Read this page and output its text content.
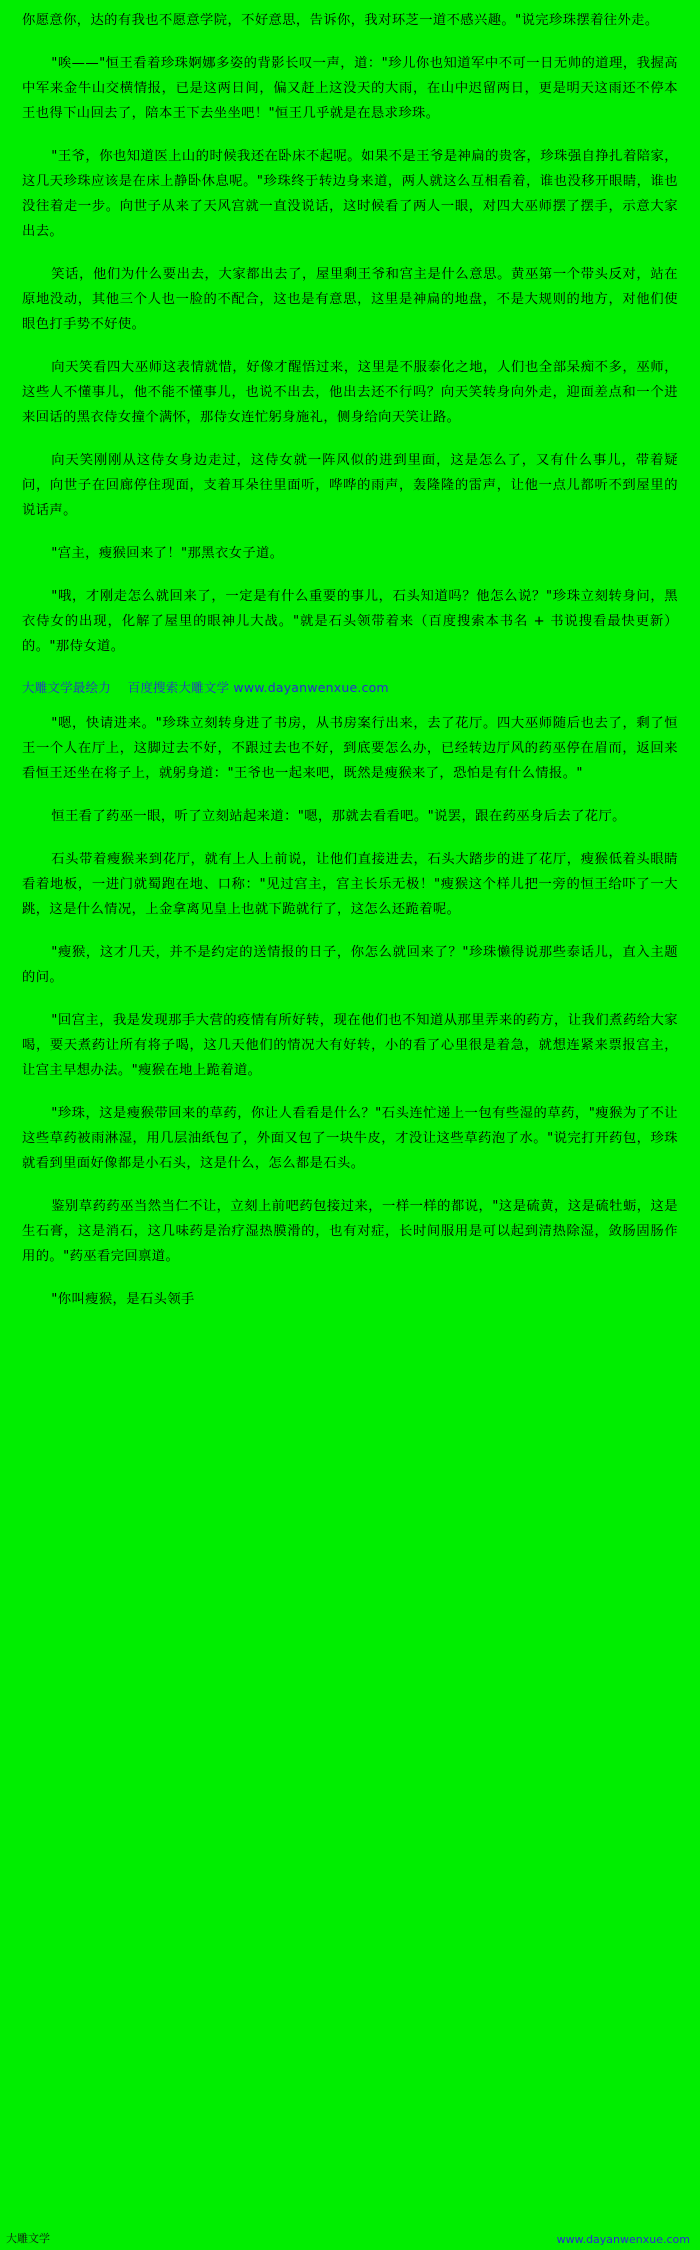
你愿意你，达的有我也不愿意学院，不好意思，告诉你，我对环芝一道不感兴趣。"说完珍珠摆着往外走。

"唉——"恒王看着珍珠婀娜多姿的背影长叹一声，道："珍儿你也知道军中不可一日无帅的道理，我握高中军来金牛山交横情报，已是这两日间，偏又赶上这没天的大雨，在山中迟留两日，更是明天这雨还不停本王也得下山回去了，陪本王下去坐坐吧！"恒王几乎就是在恳求珍珠。

"王爷，你也知道医上山的时候我还在卧床不起呢。如果不是王爷是神扁的贵客，珍珠强自挣扎着陪家，这几天珍珠应该是在床上静卧休息呢。"珍珠终于转边身来道，两人就这么互相看着，谁也没移开眼睛，谁也没往着走一步。向世子从来了天风宫就一直没说话，这时候看了两人一眼，对四大巫师摆了摆手，示意大家出去。

笑话，他们为什么要出去，大家都出去了，屋里剩王爷和宫主是什么意思。黄巫第一个带头反对，站在原地没动，其他三个人也一脸的不配合，这也是有意思，这里是神扁的地盘，不是大规则的地方，对他们使眼色打手势不好使。

向天笑看四大巫师这表情就惜，好像才醒悟过来，这里是不服泰化之地，人们也全部呆痴不多，巫师，这些人不懂事儿，他不能不懂事儿，也说不出去，他出去还不行吗？向天笑转身向外走，迎面差点和一个进来回话的黑衣侍女撞个满怀，那侍女连忙躬身施礼，侧身给向天笑让路。

向天笑刚刚从这侍女身边走过，这侍女就一阵风似的进到里面，这是怎么了，又有什么事儿，带着疑问，向世子在回廊停住现面，支着耳朵往里面听，哗哗的雨声，轰隆隆的雷声，让他一点儿都听不到屋里的说话声。

"宫主，瘦猴回来了！"那黑衣女子道。

"哦，才刚走怎么就回来了，一定是有什么重要的事儿，石头知道吗？他怎么说？"珍珠立刻转身问，黑衣侍女的出现，化解了屋里的眼神儿大战。"就是石头领带着来（百度搜索本书名 + 书说搜看最快更新）的。"那侍女道。

大雕文学最绘力 百度搜索大雕文学 www.dayanwenxue.com

"嗯，快请进来。"珍珠立刻转身进了书房，从书房案行出来，去了花厅。四大巫师随后也去了，剩了恒王一个人在厅上，这脚过去不好，不跟过去也不好，到底要怎么办，已经转边厅风的药巫停在眉而，返回来看恒王还坐在将子上，就躬身道："王爷也一起来吧，既然是瘦猴来了，恐怕是有什么情报。"

恒王看了药巫一眼，听了立刻站起来道："嗯，那就去看看吧。"说罢，跟在药巫身后去了花厅。

石头带着瘦猴来到花厅，就有上人上前说，让他们直接进去，石头大踏步的进了花厅，瘦猴低着头眼睛看着地板，一进门就蜀跑在地、口称："见过宫主，宫主长乐无极！"瘦猴这个样儿把一旁的恒王给吓了一大跳，这是什么情况，上金拿离见皇上也就下跪就行了，这怎么还跪着呢。

"瘦猴，这才几天，并不是约定的送情报的日子，你怎么就回来了？"珍珠懒得说那些泰话儿，直入主题的问。

"回宫主，我是发现那手大营的疫情有所好转，现在他们也不知道从那里弄来的药方，让我们煮药给大家喝，要天煮药让所有将子喝，这几天他们的情况大有好转，小的看了心里很是着急，就想连紧来票报宫主，让宫主早想办法。"瘦猴在地上跪着道。

"珍珠，这是瘦猴带回来的草药，你让人看看是什么？"石头连忙递上一包有些湿的草药，"瘦猴为了不让这些草药被雨淋湿，用几层油纸包了，外面又包了一块牛皮，才没让这些草药泡了水。"说完打开药包，珍珠就看到里面好像都是小石头，这是什么，怎么都是石头。

鉴别草药药巫当然当仁不让，立刻上前吧药包接过来，一样一样的都说，"这是硫黄，这是硫牡蛎，这是生石膏，这是消石，这几味药是治疗湿热膜滑的，也有对症，长时间服用是可以起到清热除湿，敛肠固肠作用的。"药巫看完回禀道。

"你叫瘦猴，是石头领手

大雕文学	www.dayanwenxue.com
